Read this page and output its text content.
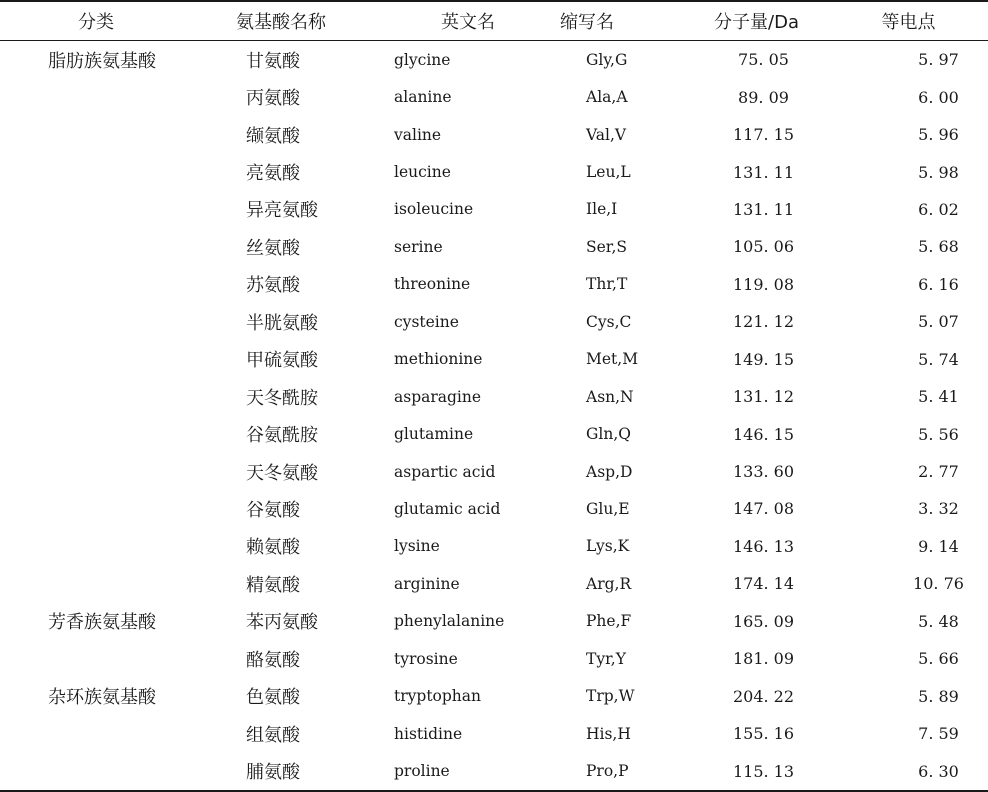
分类	氨基酸名称	英文名	缩写名	分子量/Da	等电点
脂肪族氨基酸	甘氨酸	glycine	Gly,G	75. 05	5. 97
	丙氨酸	alanine	Ala,A	89. 09	6. 00
	缬氨酸	valine	Val,V	117. 15	5. 96
	亮氨酸	leucine	Leu,L	131. 11	5. 98
	异亮氨酸	isoleucine	Ile,I	131. 11	6. 02
	丝氨酸	serine	Ser,S	105. 06	5. 68
	苏氨酸	threonine	Thr,T	119. 08	6. 16
	半胱氨酸	cysteine	Cys,C	121. 12	5. 07
	甲硫氨酸	methionine	Met,M	149. 15	5. 74
	天冬酰胺	asparagine	Asn,N	131. 12	5. 41
	谷氨酰胺	glutamine	Gln,Q	146. 15	5. 56
	天冬氨酸	aspartic acid	Asp,D	133. 60	2. 77
	谷氨酸	glutamic acid	Glu,E	147. 08	3. 32
	赖氨酸	lysine	Lys,K	146. 13	9. 14
	精氨酸	arginine	Arg,R	174. 14	10. 76
芳香族氨基酸	苯丙氨酸	phenylalanine	Phe,F	165. 09	5. 48
	酪氨酸	tyrosine	Tyr,Y	181. 09	5. 66
杂环族氨基酸	色氨酸	tryptophan	Trp,W	204. 22	5. 89
	组氨酸	histidine	His,H	155. 16	7. 59
	脯氨酸	proline	Pro,P	115. 13	6. 30
